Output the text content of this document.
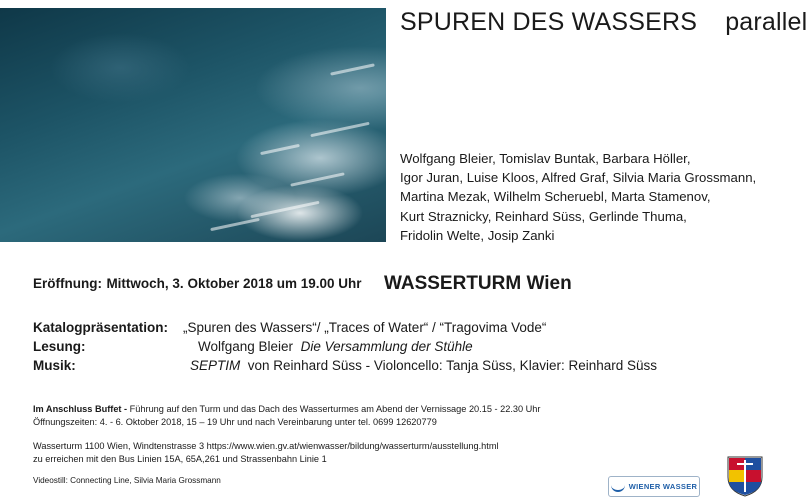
SPUREN DES WASSERS parallel
Wolfgang Bleier, Tomislav Buntak, Barbara Höller,
Igor Juran, Luise Kloos, Alfred Graf, Silvia Maria Grossmann,
Martina Mezak, Wilhelm Scheruebl, Marta Stamenov,
Kurt Straznicky, Reinhard Süss, Gerlinde Thuma,
Fridolin Welte, Josip Zanki
Eröffnung: Mittwoch, 3. Oktober 2018 um 19.00 Uhr WASSERTURM Wien
Katalogpräsentation: „Spuren des Wassers“/ „Traces of Water“ / “Tragovima Vode“
Lesung:	Wolfgang Bleier Die Versammlung der Stühle
Musik:	SEPTIM von Reinhard Süss - Violoncello: Tanja Süss, Klavier: Reinhard Süss
Im Anschluss Buffet - Führung auf den Turm und das Dach des Wasserturmes am Abend der Vernissage 20.15 - 22.30 Uhr
Öffnungszeiten: 4. - 6. Oktober 2018, 15 – 19 Uhr und nach Vereinbarung unter tel. 0699 12620779
Wasserturm 1100 Wien, Windtenstrasse 3 https://www.wien.gv.at/wienwasser/bildung/wasserturm/ausstellung.html
zu erreichen mit den Bus Linien 15A, 65A,261 und Strassenbahn Linie 1
Videostill: Connecting Line, Silvia Maria Grossmann
WIENER WASSER
